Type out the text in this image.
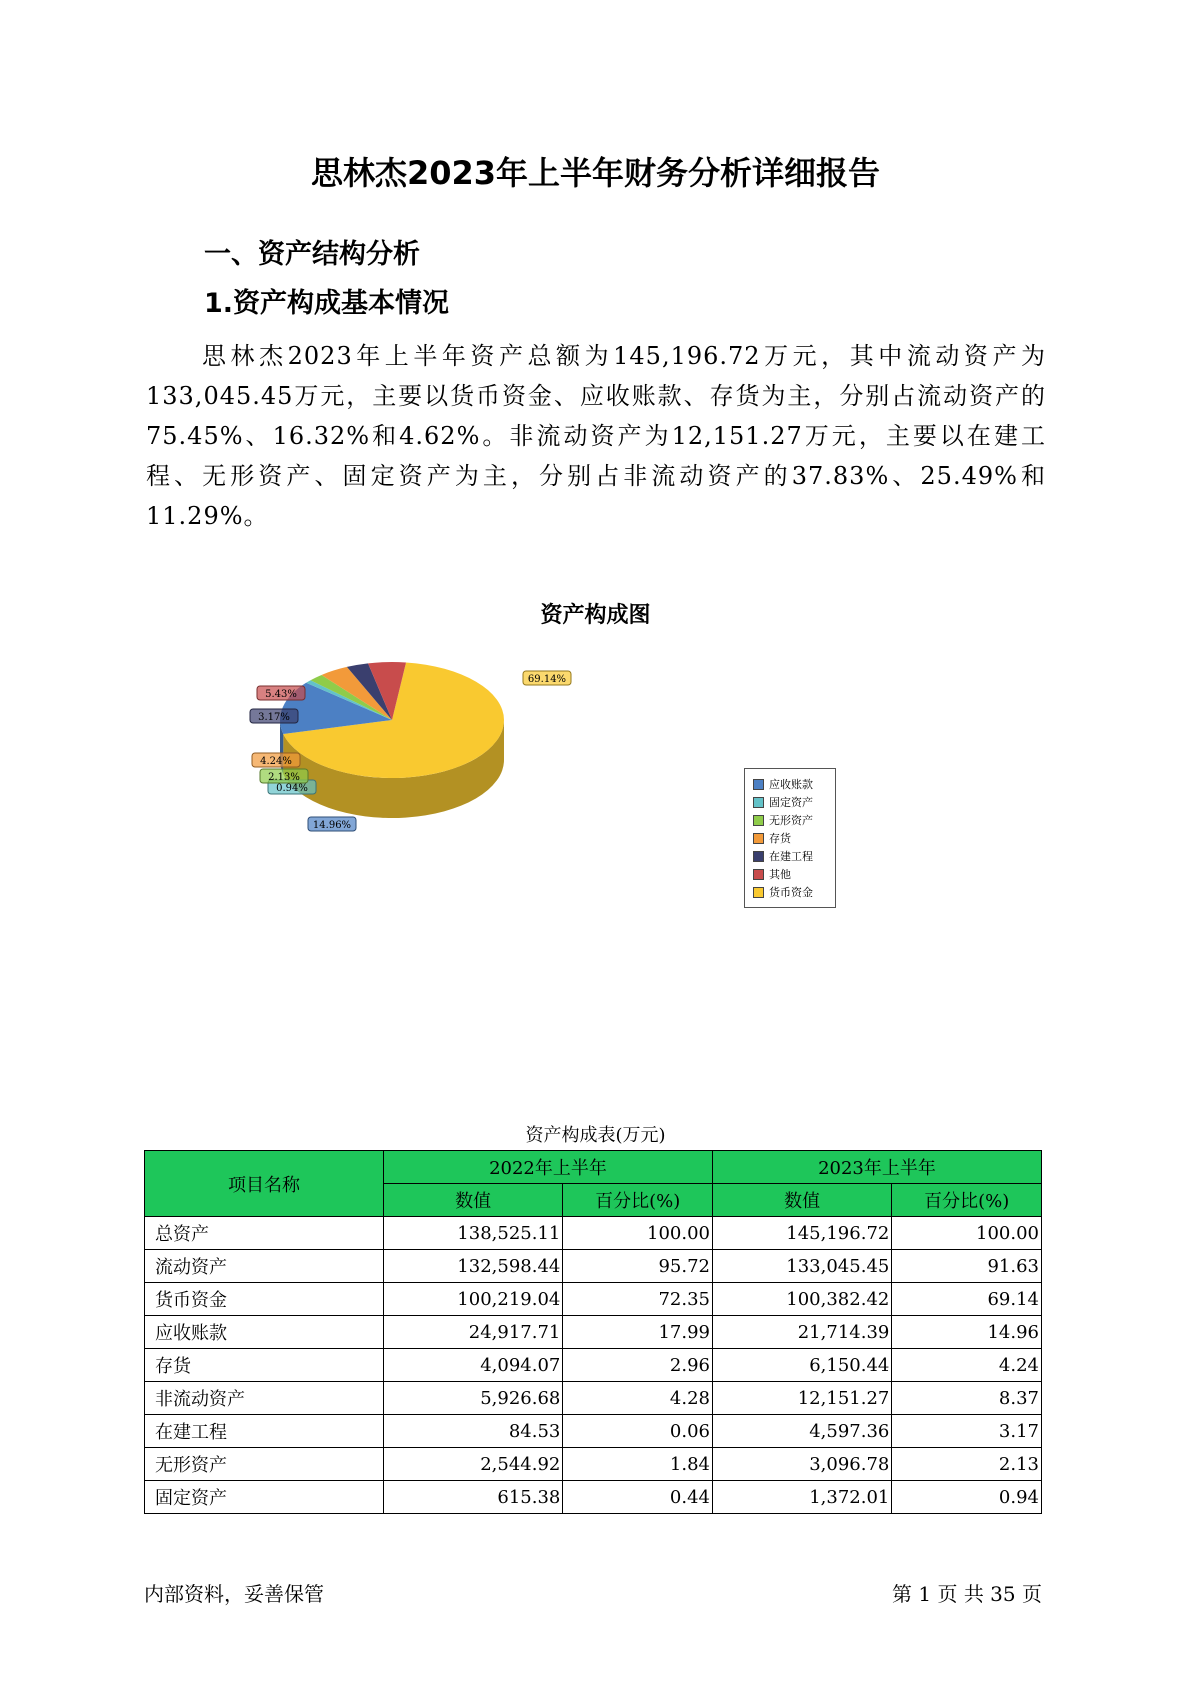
思林杰2023年上半年财务分析详细报告
一、资产结构分析
1.资产构成基本情况
思林杰2023年上半年资产总额为145,196.72万元，其中流动资产为133,045.45万元，主要以货币资金、应收账款、存货为主，分别占流动资产的75.45%、16.32%和4.62%。非流动资产为12,151.27万元，主要以在建工程、无形资产、固定资产为主，分别占非流动资产的37.83%、25.49%和11.29%。
资产构成图
69.14%
14.96%
0.94%
2.13%
4.24%
3.17%
5.43%
应收账款
固定资产
无形资产
存货
在建工程
其他
货币资金
资产构成表(万元)
项目名称	2022年上半年		2023年上半年	
	数值	百分比(%)	数值	百分比(%)
总资产	138,525.11	100.00	145,196.72	100.00
流动资产	132,598.44	95.72	133,045.45	91.63
货币资金	100,219.04	72.35	100,382.42	69.14
应收账款	24,917.71	17.99	21,714.39	14.96
存货	4,094.07	2.96	6,150.44	4.24
非流动资产	5,926.68	4.28	12,151.27	8.37
在建工程	84.53	0.06	4,597.36	3.17
无形资产	2,544.92	1.84	3,096.78	2.13
固定资产	615.38	0.44	1,372.01	0.94
内部资料，妥善保管	第 1 页 共 35 页
